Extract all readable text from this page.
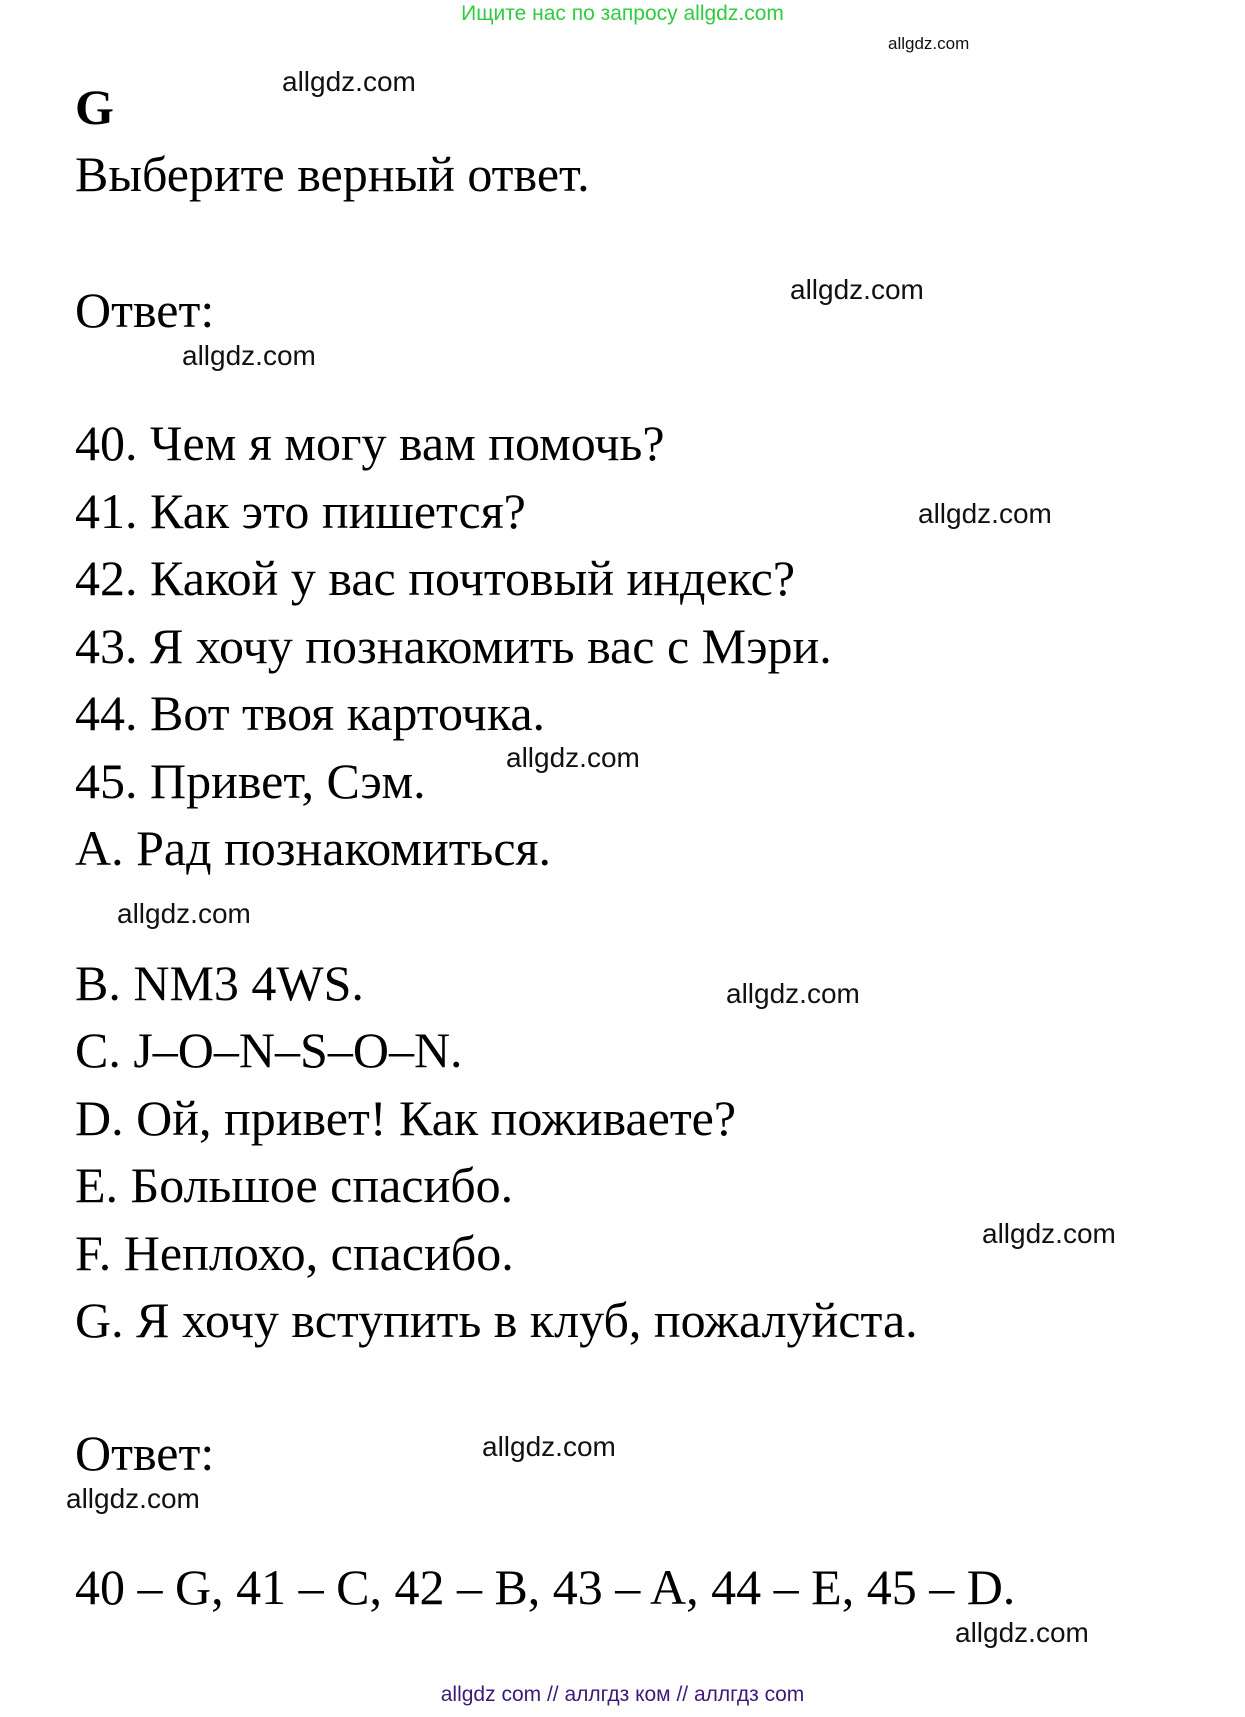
Ищите нас по запросу allgdz.com
allgdz.com
allgdz.com
G
Выберите верный ответ.
Ответ:	allgdz.com
allgdz.com
40. Чем я могу вам помочь?
41. Как это пишется?
42. Какой у вас почтовый индекс?
43. Я хочу познакомить вас с Мэри.
44. Вот твоя карточка.
45. Привет, Сэм.
allgdz.com
allgdz.com
A. Рад познакомиться.
B. NM3 4WS.
C. J–O–N–S–O–N.
D. Ой, привет! Как поживаете?
E. Большое спасибо.
F. Неплохо, спасибо.
G. Я хочу вступить в клуб, пожалуйста.
allgdz.com
allgdz.com
allgdz.com
Ответ:	allgdz.com
allgdz.com
40 – G, 41 – C, 42 – B, 43 – A, 44 – E, 45 – D.
allgdz.com
allgdz com // аллгдз ком // аллгдз com
